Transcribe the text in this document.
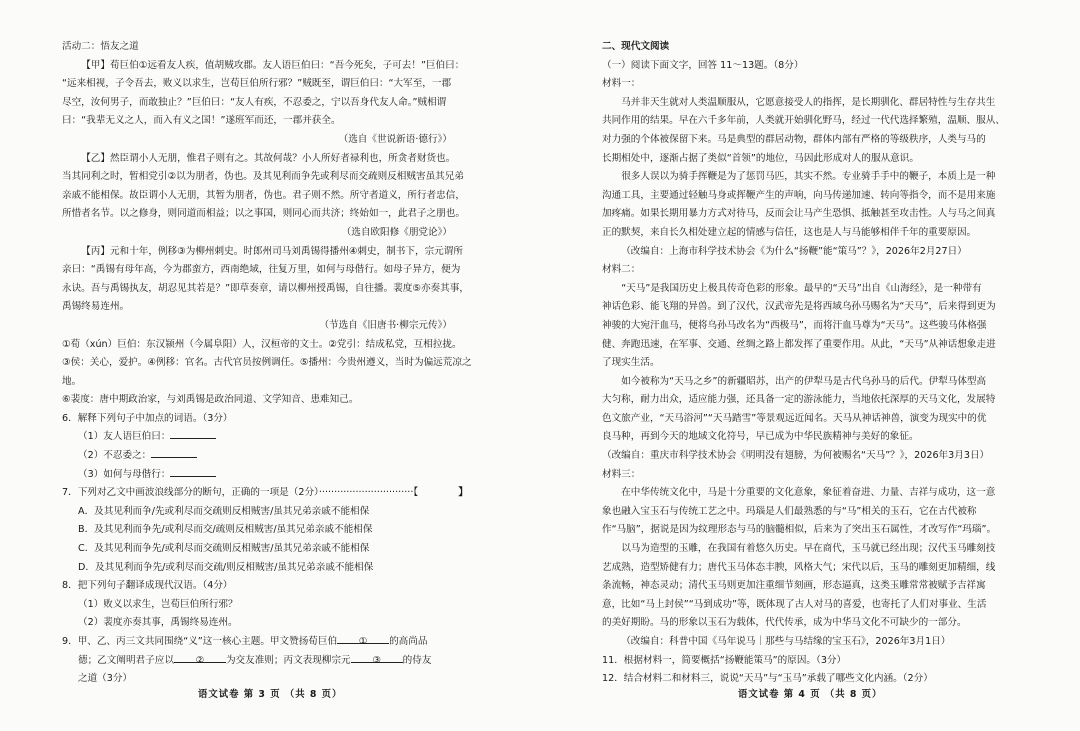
活动二：悟友之道

【甲】荀巨伯①远看友人疾，值胡贼攻郡。友人语巨伯曰：“吾今死矣，子可去！”巨伯曰：

“远来相视，子令吾去，败义以求生，岂荀巨伯所行邪？”贼既至，谓巨伯曰：“大军至，一郡

尽空，汝何男子，而敢独止？”巨伯曰：“友人有疾，不忍委之，宁以吾身代友人命。”贼相谓

曰：“我辈无义之人，而入有义之国！”遂班军而还，一郡并获全。

（选自《世说新语·德行》）

【乙】然臣谓小人无朋，惟君子则有之。其故何哉？小人所好者禄利也，所贪者财货也。

当其同利之时，暂相党引②以为朋者，伪也。及其见利而争先或利尽而交疏则反相贼害虽其兄弟

亲戚不能相保。故臣谓小人无朋，其暂为朋者，伪也。君子则不然。所守者道义，所行者忠信，

所惜者名节。以之修身，则同道而相益；以之事国，则同心而共济；终始如一，此君子之朋也。

（选自欧阳修《朋党论》）

【丙】元和十年，例移③为柳州刺史。时郎州司马刘禹锡得播州④刺史，制书下，宗元谓所

亲曰：“禹锡有母年高，今为郡蛮方，西南绝域，往复万里，如何与母偕行。如母子异方，便为

永诀。吾与禹锡执友，胡忍见其若是？”即草奏章，请以柳州授禹锡，自往播。裴度⑤亦奏其事，

禹锡终易连州。

（节选自《旧唐书·柳宗元传》）

①荀（xún）巨伯：东汉颍州（今属阜阳）人，汉桓帝的文士。②党引：结成私党，互相拉拢。

③侯：关心，爱护。④例移：官名。古代官员按例调任。⑤播州：今贵州遵义，当时为偏远荒凉之地。

⑥裴度：唐中期政治家，与刘禹锡是政治同道、文学知音、患难知己。

6．解释下列句子中加点的词语。（3分）

（1）友人语巨伯曰：

（2）不忍委之：

（3）如何与母偕行：

7．下列对乙文中画波浪线部分的断句，正确的一项是（2分）·······························【	】

A．及其见利而争/先或利尽而交疏则反相贼害/虽其兄弟亲戚不能相保

B．及其见利而争先/或利尽而交/疏则反相贼害/虽其兄弟亲戚不能相保

C．及其见利而争先/或利尽而交疏则反相贼害/虽其兄弟亲戚不能相保

D．及其见利而争先/或利尽而交疏/则反相贼害/虽其兄弟亲戚不能相保

8．把下列句子翻译成现代汉语。（4分）

（1）败义以求生，岂荀巨伯所行邪？

（2）裴度亦奏其事，禹锡终易连州。

9．甲、乙、丙三文共同围绕“义”这一核心主题。甲文赞扬荀巨伯 ① 的高尚品

德；乙文阐明君子应以 ② 为交友准则；丙文表现柳宗元 ③ 的侍友

之道（3分）

语文试卷 第 3 页 （共 8 页）

二、现代文阅读

（一）阅读下面文字，回答 11～13题。（8分）

材料一：

马并非天生就对人类温顺服从，它愿意接受人的指挥，是长期驯化、群居特性与生存共生

共同作用的结果。早在六千多年前，人类就开始驯化野马，经过一代代选择繁殖，温顺、服从、

对力强的个体被保留下来。马是典型的群居动物，群体内部有严格的等级秩序，人类与马的

长期相处中，逐渐占据了类似“首领”的地位，马因此形成对人的服从意识。

很多人误以为骑手挥鞭是为了惩罚马匹，其实不然。专业骑手手中的鞭子，本质上是一种

沟通工具，主要通过轻触马身或挥鞭产生的声响，向马传递加速、转向等指令，而不是用来施

加疼痛。如果长期用暴力方式对待马，反而会让马产生恐惧、抵触甚至攻击性。人与马之间真

正的默契，来自长久相处建立起的情感与信任，这也是人与马能够相伴千年的重要原因。

（改编自：上海市科学技术协会《为什么“扬鞭”能“策马”？》，2026年2月27日）

材料二：

“天马”是我国历史上极具传奇色彩的形象。最早的“天马”出自《山海经》，是一种带有

神话色彩、能飞翔的异兽。到了汉代，汉武帝先是将西域乌孙马赐名为“天马”，后来得到更为

神骏的大宛汗血马，便将乌孙马改名为“西极马”，而将汗血马尊为“天马”。这些骏马体格强

健、奔跑迅速，在军事、交通、丝绸之路上都发挥了重要作用。从此，“天马”从神话想象走进

了现实生活。

如今被称为“天马之乡”的新疆昭苏，出产的伊犁马是古代乌孙马的后代。伊犁马体型高

大匀称，耐力出众，适应能力强，还具备一定的游泳能力，当地依托深厚的天马文化，发展特

色文旅产业，“天马浴河”“天马踏雪”等景观远近闻名。天马从神话神兽，演变为现实中的优

良马种，再到今天的地域文化符号，早已成为中华民族精神与美好的象征。

（改编自：重庆市科学技术协会《明明没有翅膀，为何被赐名“天马”？》，2026年3月3日）

材料三：

在中华传统文化中，马是十分重要的文化意象，象征着奋进、力量、吉祥与成功，这一意

象也融入宝玉石与传统工艺之中。玛瑙是人们最熟悉的与“马”相关的玉石，它在古代被称

作“马脑”，据说是因为纹理形态与马的脑髓相似，后来为了突出玉石属性，才改写作“玛瑙”。

以马为造型的玉雕，在我国有着悠久历史。早在商代，玉马就已经出现；汉代玉马雕刻技

艺成熟，造型矫健有力；唐代玉马体态丰腴，风格大气；宋代以后，玉马的雕刻更加精细，线

条流畅，神态灵动；清代玉马则更加注重细节刻画，形态逼真，这类玉雕常常被赋予吉祥寓

意，比如“马上封侯”“马到成功”等，既体现了古人对马的喜爱，也寄托了人们对事业、生活

的美好期盼。马的形象以玉石为载体，代代传承，成为中华马文化不可缺少的一部分。

（改编自：科普中国《马年说马｜那些与马结缘的宝玉石》，2026年3月1日）

11．根据材料一，简要概括“扬鞭能策马”的原因。（3分）

12．结合材料二和材料三，说说“天马”与“玉马”承载了哪些文化内涵。（2分）

语文试卷 第 4 页 （共 8 页）
